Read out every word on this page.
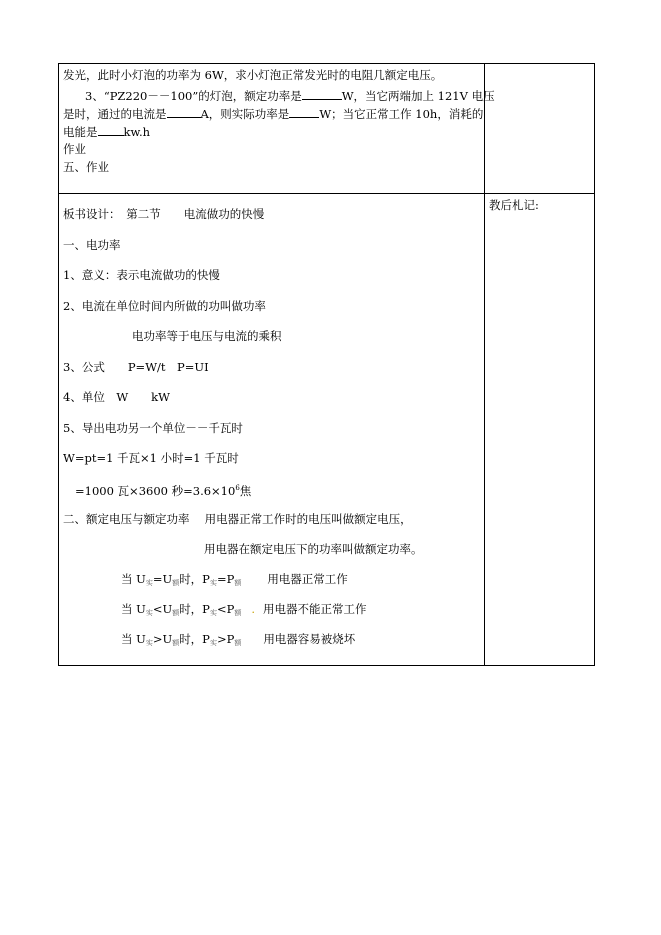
发光，此时小灯泡的功率为 6W，求小灯泡正常发光时的电阻几额定电压。
3、“PZ220－－100”的灯泡，额定功率是	W，当它两端加上 121V 电压
是时，通过的电流是	A，则实际功率是	W；当它正常工作 10h，消耗的
电能是 kw.h
作业
五、作业
板书设计：　第二节　　电流做功的快慢
一、电功率
1、意义：表示电流做功的快慢
2、电流在单位时间内所做的功叫做功率
电功率等于电压与电流的乘积
3、公式　　P=W/t　P=UI
4、单位　W　　kW
5、导出电功另一个单位－－千瓦时
W=pt=1 千瓦×1 小时=1 千瓦时
=1000 瓦×3600 秒$=3.6\times 10^6$焦
二、额定电压与额定功率　 用电器正常工作时的电压叫做额定电压，
用电器在额定电压下的功率叫做额定功率。
当 $U_实=U_额$时，$P_实=P_额$ 用电器正常工作
当 $U_实<U_额$时，$P_实<P_额$ . 用电器不能正常工作
当 $U_实>U_额$时，$P_实>P_额$ 用电器容易被烧坏
教后札记:
